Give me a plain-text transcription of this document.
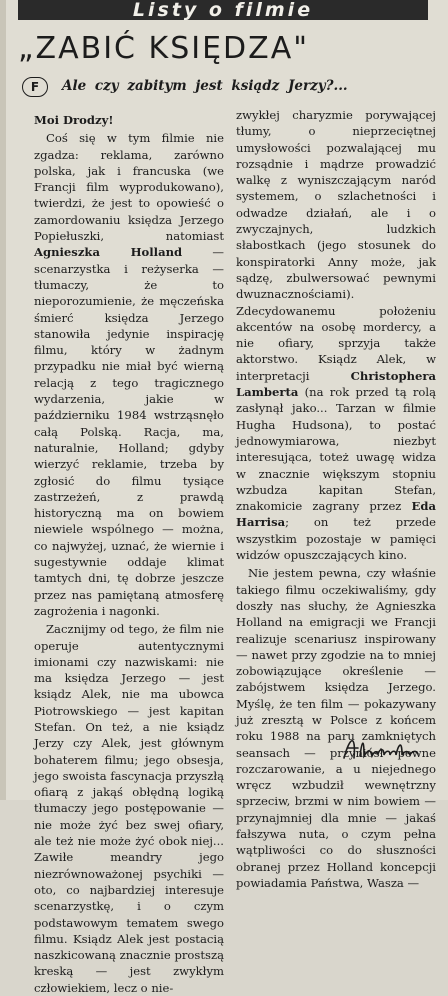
Listy o filmie
„ZABIĆ KSIĘDZA"
F	Ale czy zabitym jest ksiądz Jerzy?...

Moi Drodzy!

Coś się w tym filmie nie zgadza: reklama, zarówno polska, jak i francuska (we Francji film wyprodukowano), twierdzi, że jest to opowieść o zamordowaniu księdza Jerzego Popiełuszki, natomiast Agnieszka Holland — scenarzystka i reżyserka — tłumaczy, że to nieporozumienie, że męczeńska śmierć księdza Jerzego stanowiła jedynie inspirację filmu, który w żadnym przypadku nie miał być wierną relacją z tego tragicznego wydarzenia, jakie w październiku 1984 wstrząsnęło całą Polską. Racja, ma, naturalnie, Holland; gdyby wierzyć reklamie, trzeba by zgłosić do filmu tysiące zastrzeżeń, z prawdą historyczną ma on bowiem niewiele wspólnego — można, co najwyżej, uznać, że wiernie i sugestywnie oddaje klimat tamtych dni, tę dobrze jeszcze przez nas pamiętaną atmosferę zagrożenia i nagonki.

Zacznijmy od tego, że film nie operuje autentycznymi imionami czy nazwiskami: nie ma księdza Jerzego — jest ksiądz Alek, nie ma ubowca Piotrowskiego — jest kapitan Stefan. On też, a nie ksiądz Jerzy czy Alek, jest głównym bohaterem filmu; jego obsesja, jego swoista fascynacja przyszłą ofiarą z jakąś obłędną logiką tłumaczy jego postępowanie — nie może żyć bez swej ofiary, ale też nie może żyć obok niej... Zawiłe meandry jego niezrównoważonej psychiki — oto, co najbardziej interesuje scenarzystkę, i o czym podstawowym tematem swego filmu. Ksiądz Alek jest postacią naszkicowaną znacznie prostszą kreską — jest zwykłym człowiekiem, lecz o nie-

zwykłej charyzmie porywającej tłumy, o nieprzeciętnej umysłowości pozwalającej mu rozsądnie i mądrze prowadzić walkę z wyniszczającym naród systemem, o szlachetności i odwadze działań, ale i o zwyczajnych, ludzkich słabostkach (jego stosunek do konspiratorki Anny może, jak sądzę, zbulwersować pewnymi dwuznacznościami). Zdecydowanemu położeniu akcentów na osobę mordercy, a nie ofiary, sprzyja także aktorstwo. Ksiądz Alek, w interpretacji Christophera Lamberta (na rok przed tą rolą zasłynął jako... Tarzan w filmie Hugha Hudsona), to postać jednowymiarowa, niezbyt interesująca, toteż uwagę widza w znacznie większym stopniu wzbudza kapitan Stefan, znakomicie zagrany przez Eda Harrisa; on też przede wszystkim pozostaje w pamięci widzów opuszczających kino.

Nie jestem pewna, czy właśnie takiego filmu oczekiwaliśmy, gdy doszły nas słuchy, że Agnieszka Holland na emigracji we Francji realizuje scenariusz inspirowany — nawet przy zgodzie na to mniej zobowiązujące określenie — zabójstwem księdza Jerzego. Myślę, że ten film — pokazywany już zresztą w Polsce z końcem roku 1988 na paru zamkniętych seansach — przyniósł pewne rozczarowanie, a u niejednego wręcz wzbudził wewnętrzny sprzeciw, brzmi w nim bowiem — przynajmniej dla mnie — jakaś fałszywa nuta, o czym pełna wątpliwości co do słuszności obranej przez Holland koncepcji powiadamia Państwa, Wasza —
